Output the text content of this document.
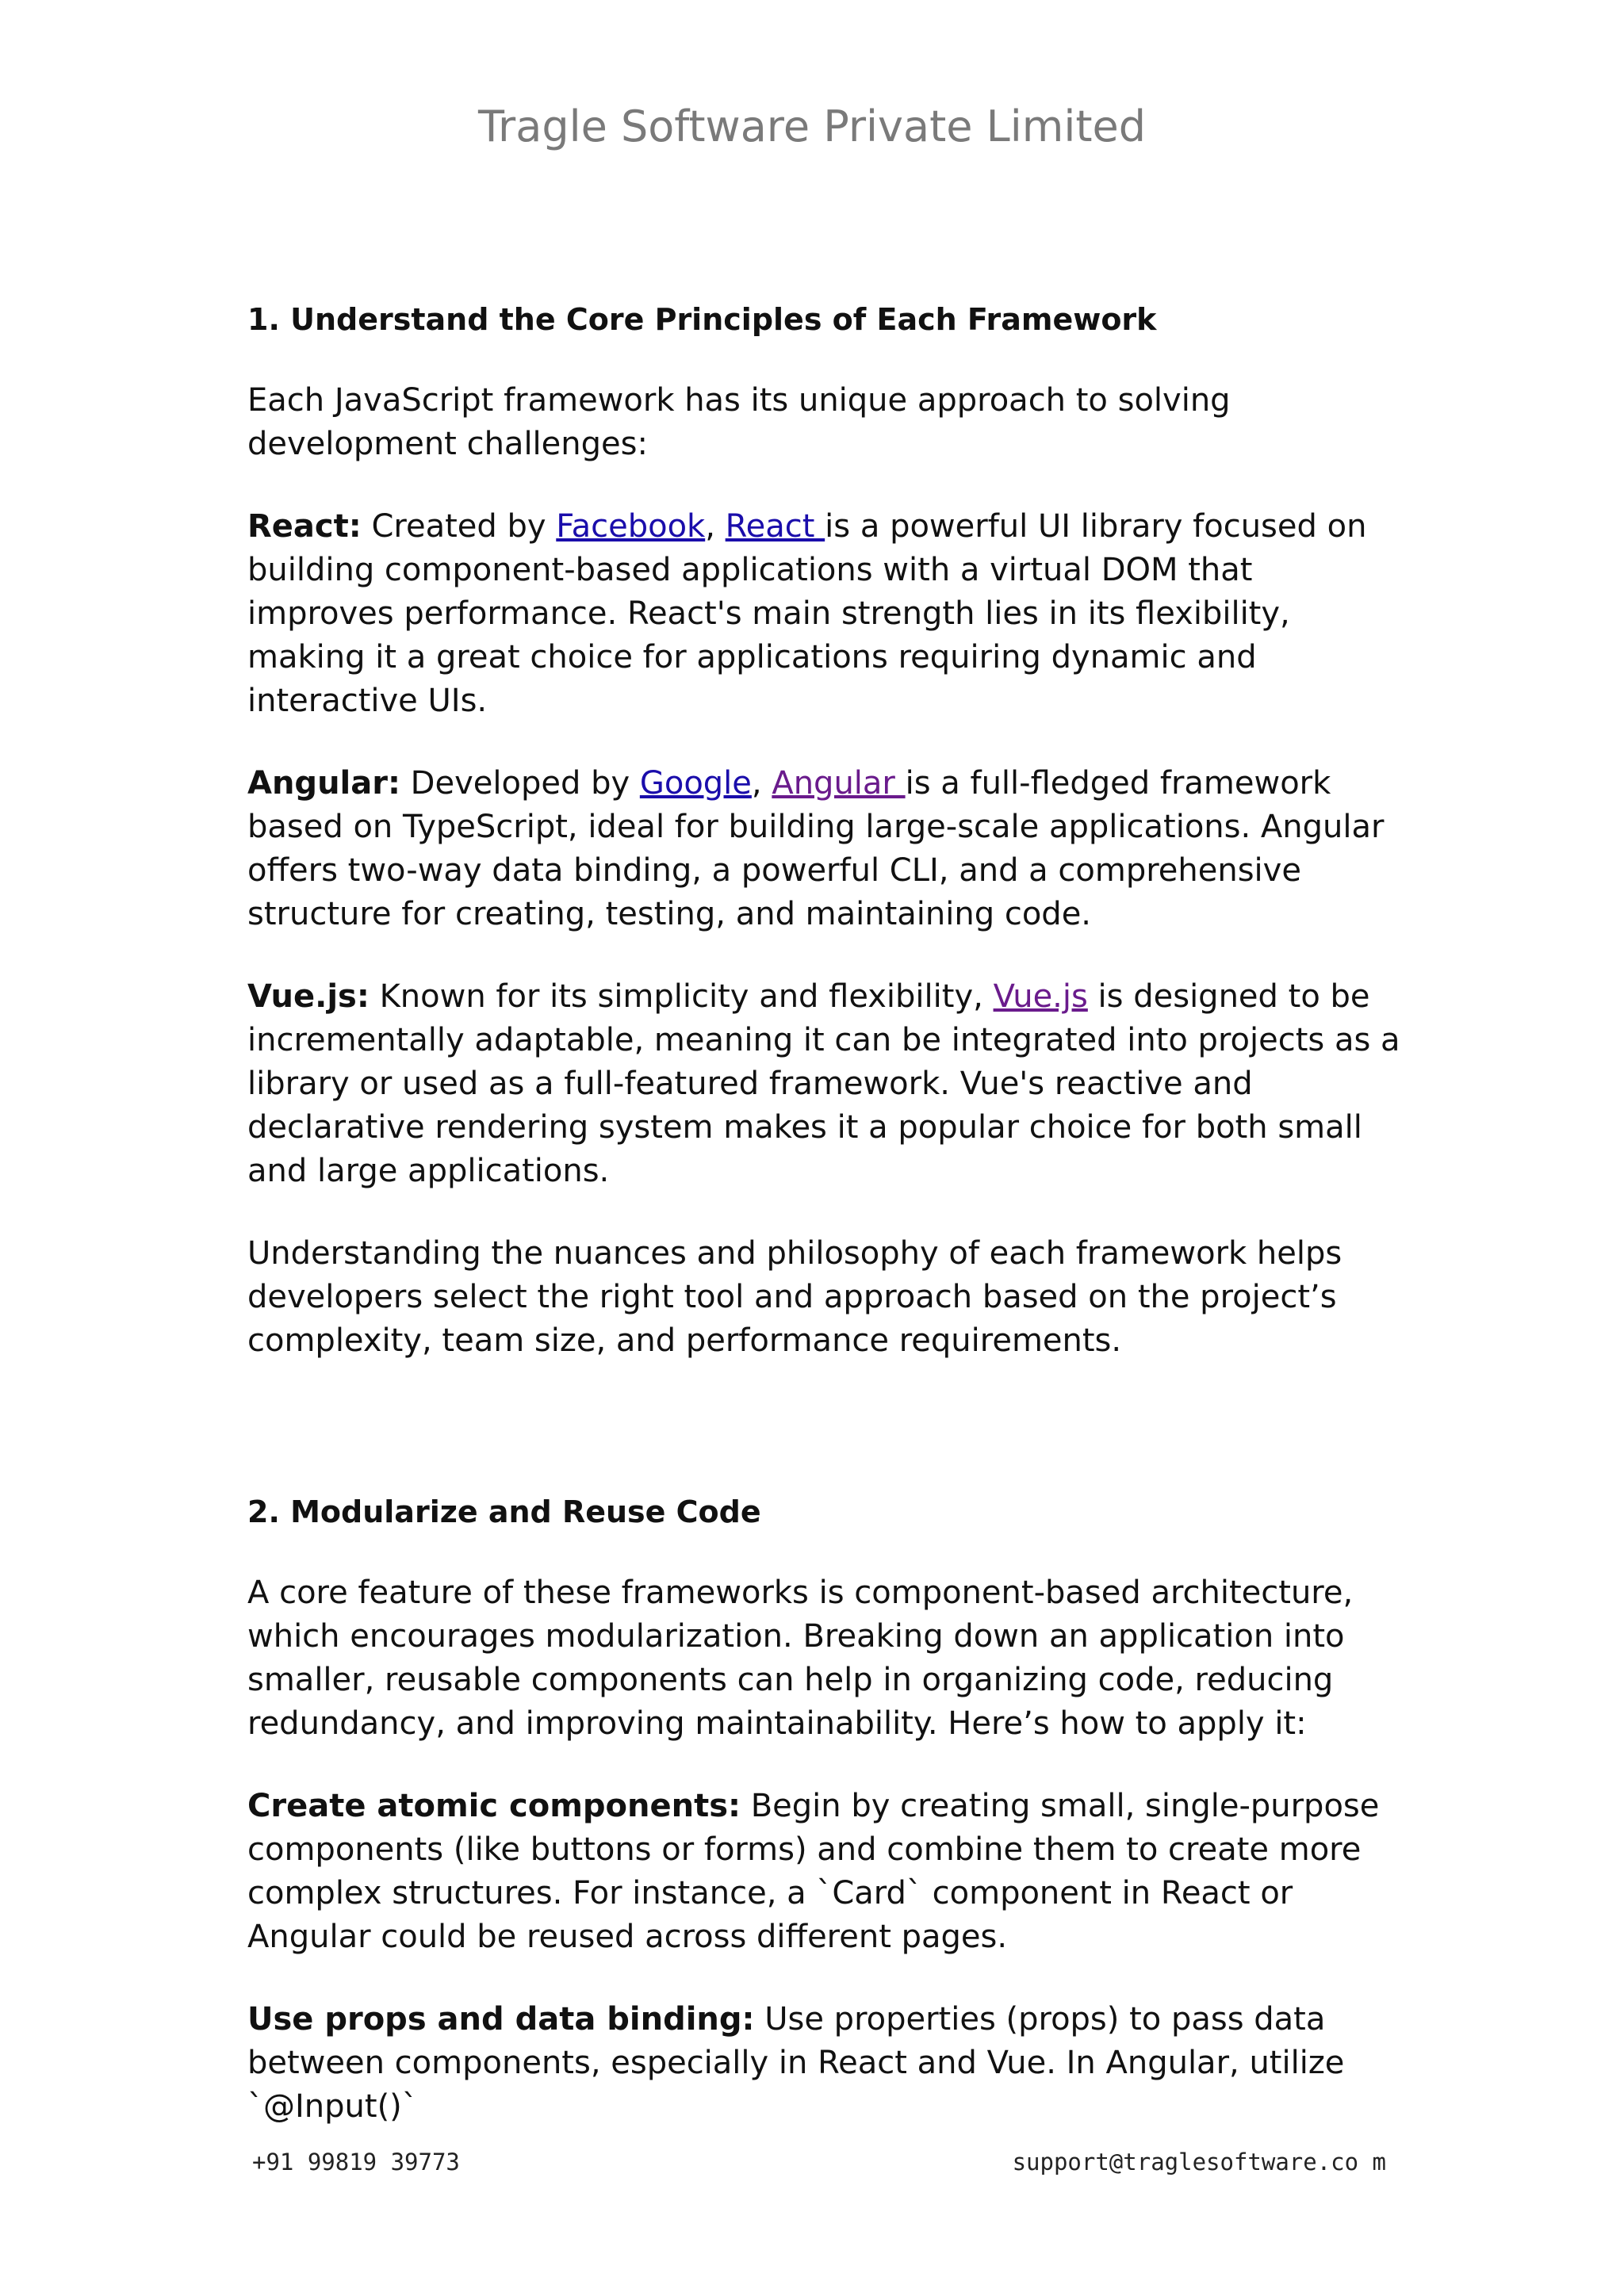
Tragle Software Private Limited

1. Understand the Core Principles of Each Framework

Each JavaScript framework has its unique approach to solving development challenges:

React: Created by Facebook, React is a powerful UI library focused on building component-based applications with a virtual DOM that improves performance. React's main strength lies in its flexibility, making it a great choice for applications requiring dynamic and interactive UIs.

Angular: Developed by Google, Angular is a full-fledged framework based on TypeScript, ideal for building large-scale applications. Angular offers two-way data binding, a powerful CLI, and a comprehensive structure for creating, testing, and maintaining code.

Vue.js: Known for its simplicity and flexibility, Vue.js is designed to be incrementally adaptable, meaning it can be integrated into projects as a library or used as a full-featured framework. Vue's reactive and declarative rendering system makes it a popular choice for both small and large applications.

Understanding the nuances and philosophy of each framework helps developers select the right tool and approach based on the project’s complexity, team size, and performance requirements.

2. Modularize and Reuse Code

A core feature of these frameworks is component-based architecture, which encourages modularization. Breaking down an application into smaller, reusable components can help in organizing code, reducing redundancy, and improving maintainability. Here’s how to apply it:

Create atomic components: Begin by creating small, single-purpose components (like buttons or forms) and combine them to create more complex structures. For instance, a `Card` component in React or Angular could be reused across different pages.

Use props and data binding: Use properties (props) to pass data between components, especially in React and Vue. In Angular, utilize `@Input()`

+91 99819 39773	support@traglesoftware.co m
